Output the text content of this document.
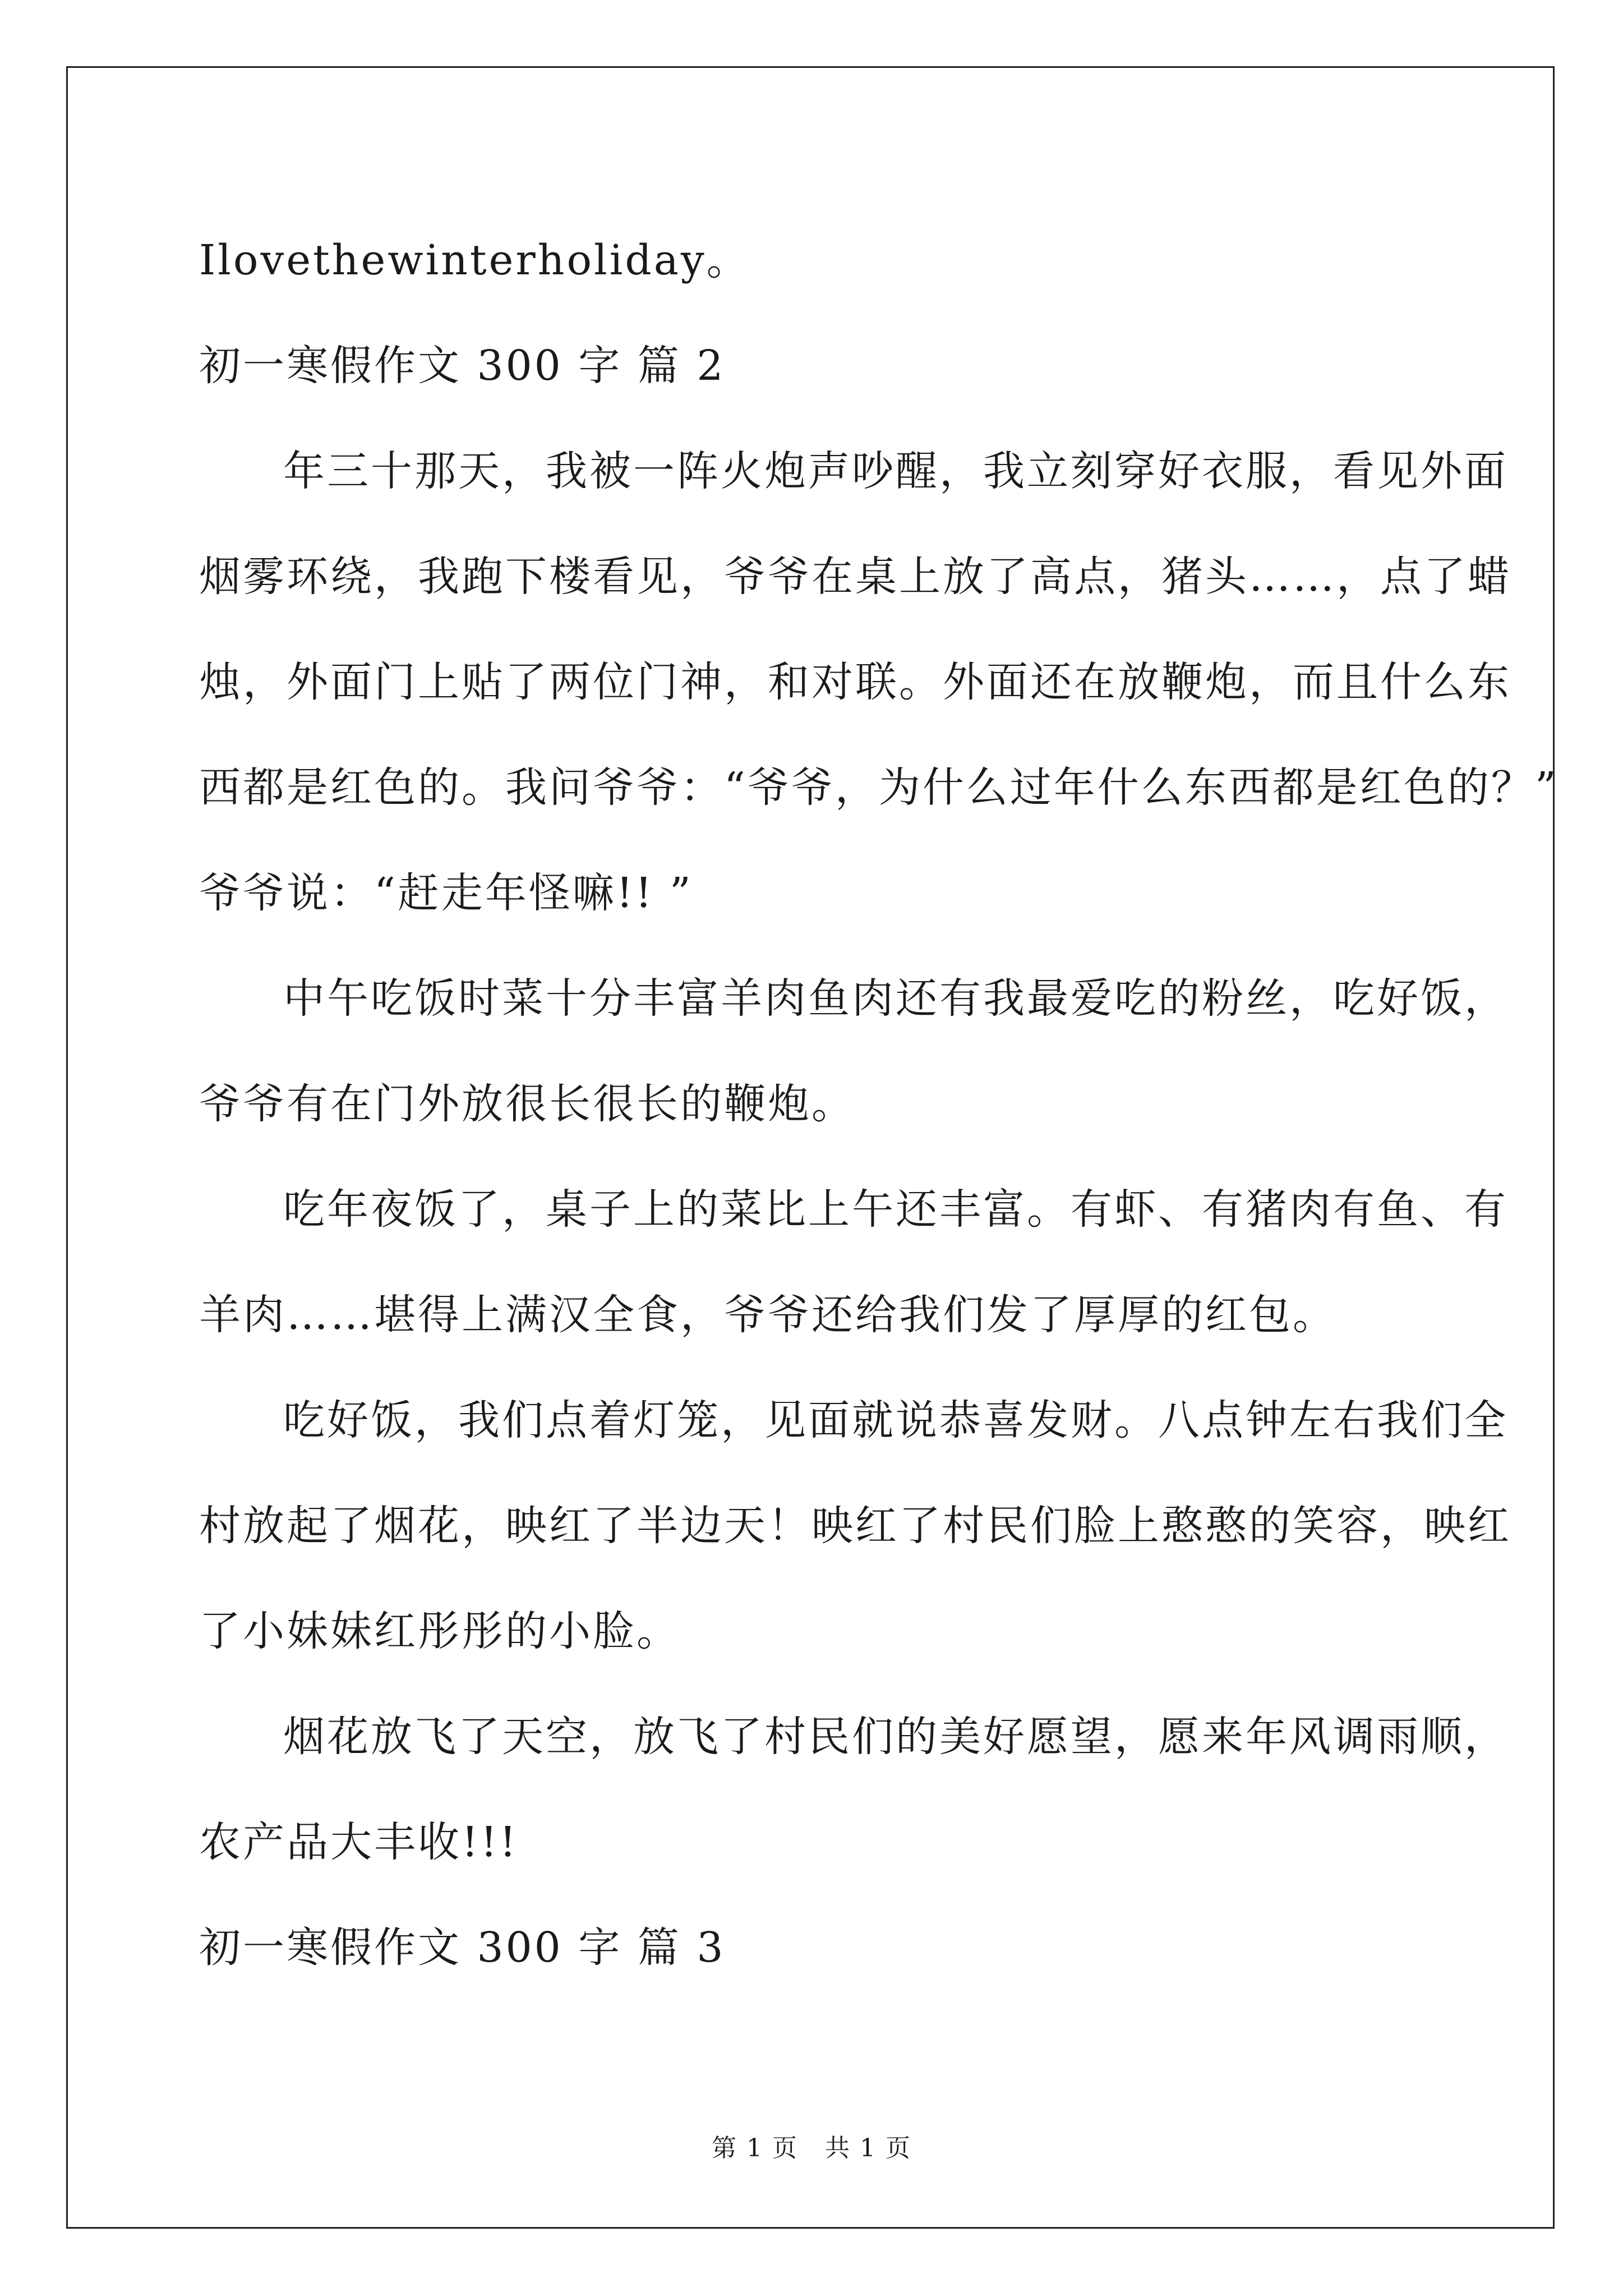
Ilovethewinterholiday。
初一寒假作文 300 字 篇 2
年三十那天，我被一阵火炮声吵醒，我立刻穿好衣服，看见外面
烟雾环绕，我跑下楼看见，爷爷在桌上放了高点，猪头……，点了蜡
烛，外面门上贴了两位门神，和对联。外面还在放鞭炮，而且什么东
西都是红色的。我问爷爷：“爷爷，为什么过年什么东西都是红色的？”
爷爷说：“赶走年怪嘛!! ”
中午吃饭时菜十分丰富羊肉鱼肉还有我最爱吃的粉丝，吃好饭，
爷爷有在门外放很长很长的鞭炮。
吃年夜饭了，桌子上的菜比上午还丰富。有虾、有猪肉有鱼、有
羊肉……堪得上满汉全食，爷爷还给我们发了厚厚的红包。
吃好饭，我们点着灯笼，见面就说恭喜发财。八点钟左右我们全
村放起了烟花，映红了半边天！映红了村民们脸上憨憨的笑容，映红
了小妹妹红彤彤的小脸。
烟花放飞了天空，放飞了村民们的美好愿望，愿来年风调雨顺，
农产品大丰收!!!
初一寒假作文 300 字 篇 3
第 1 页 共 1 页
